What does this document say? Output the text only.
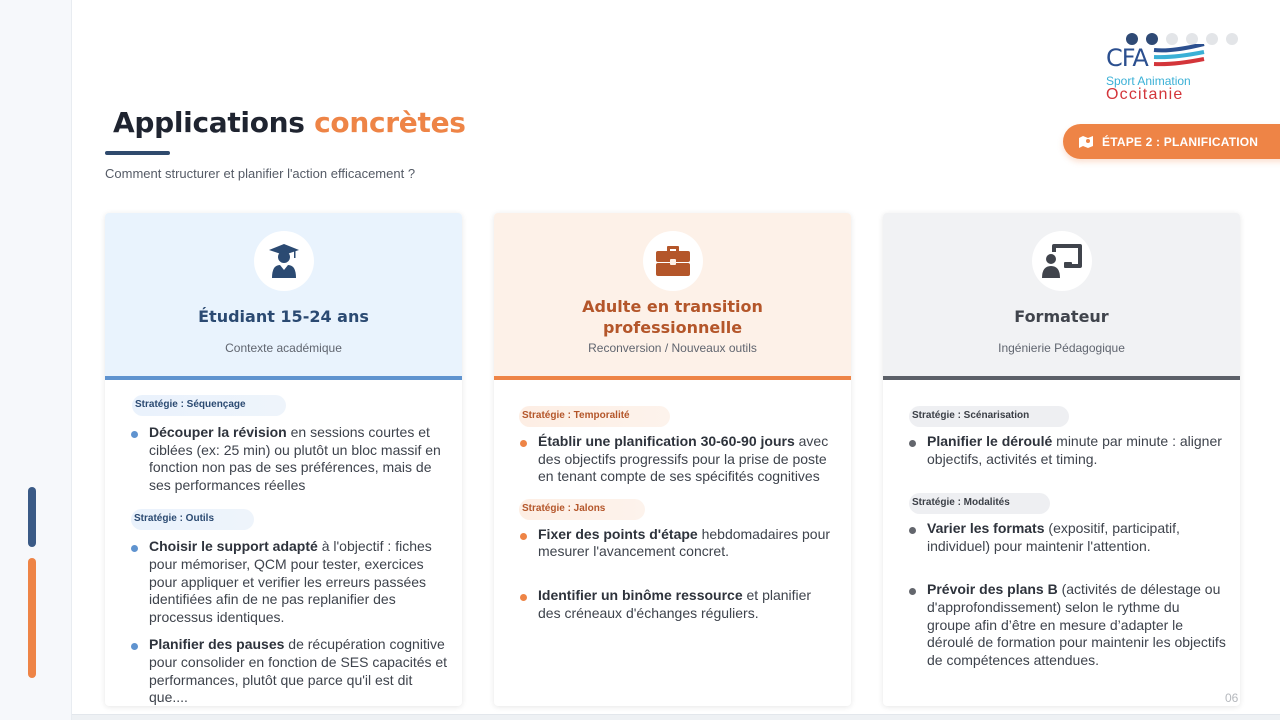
Applications concrètes
Comment structurer et planifier l'action efficacement ?
CFA
Sport Animation
Occitanie
ÉTAPE 2 : PLANIFICATION
Étudiant 15-24 ans
Contexte académique
Stratégie : Séquençage
Découper la révision en sessions courtes et ciblées (ex: 25 min) ou plutôt un bloc massif en fonction non pas de ses préférences, mais de ses performances réelles
Stratégie : Outils
Choisir le support adapté à l'objectif : fiches pour mémoriser, QCM pour tester, exercices pour appliquer et verifier les erreurs passées identifiées afin de ne pas replanifier des processus identiques.
Planifier des pauses de récupération cognitive pour consolider en fonction de SES capacités et performances, plutôt que parce qu'il est dit que....
Adulte en transition professionnelle
Reconversion / Nouveaux outils
Stratégie : Temporalité
Établir une planification 30-60-90 jours avec des objectifs progressifs pour la prise de poste en tenant compte de ses spécifités cognitives
Stratégie : Jalons
Fixer des points d'étape hebdomadaires pour mesurer l'avancement concret.
Identifier un binôme ressource et planifier des créneaux d'échanges réguliers.
Formateur
Ingénierie Pédagogique
Stratégie : Scénarisation
Planifier le déroulé minute par minute : aligner objectifs, activités et timing.
Stratégie : Modalités
Varier les formats (expositif, participatif, individuel) pour maintenir l'attention.
Prévoir des plans B (activités de délestage ou d'approfondissement) selon le rythme du groupe afin d’être en mesure d’adapter le déroulé de formation pour maintenir les objectifs de compétences attendues.
06
